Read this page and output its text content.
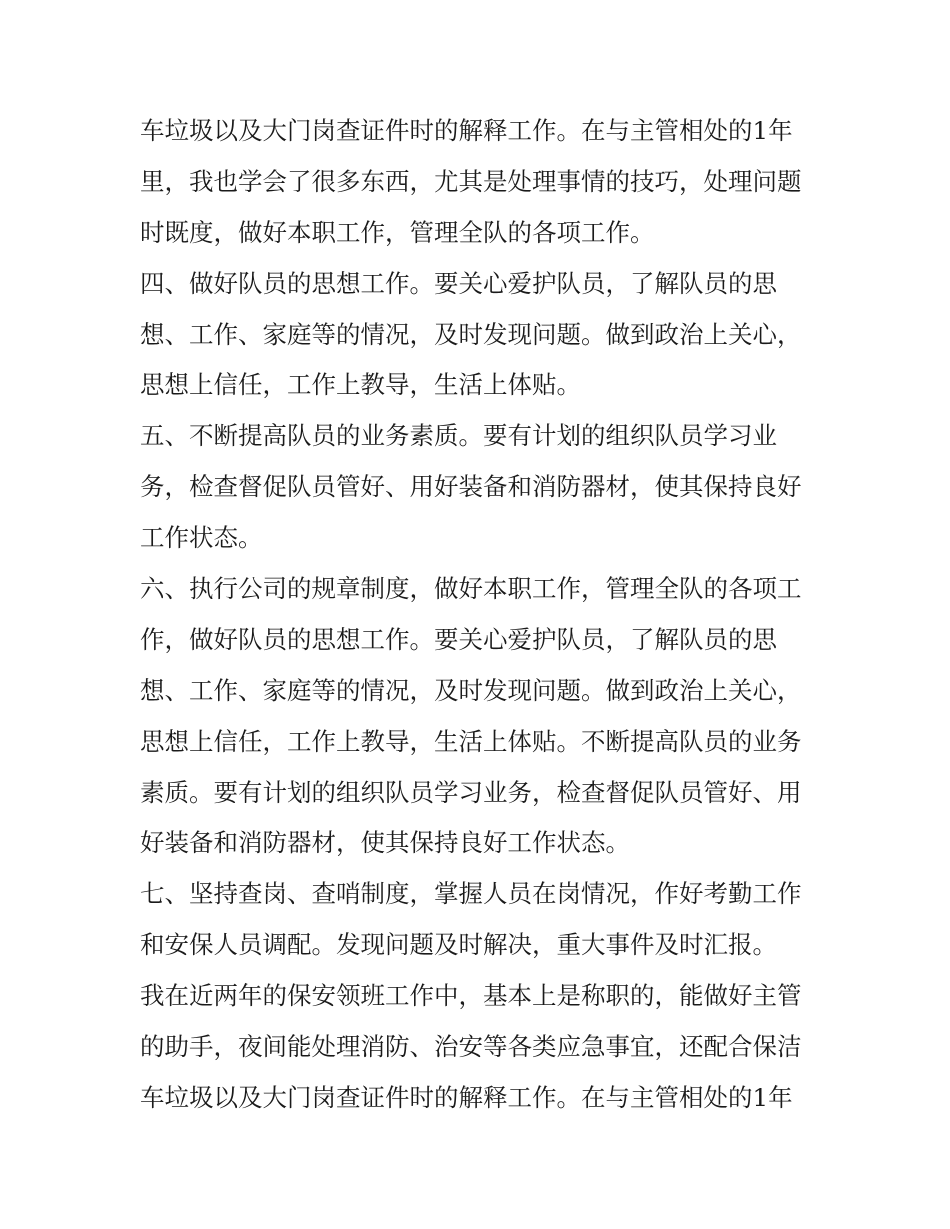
车垃圾以及大门岗查证件时的解释工作。在与主管相处的1年
里，我也学会了很多东西，尤其是处理事情的技巧，处理问题
时既度，做好本职工作，管理全队的各项工作。
四、做好队员的思想工作。要关心爱护队员，了解队员的思
想、工作、家庭等的情况，及时发现问题。做到政治上关心，
思想上信任，工作上教导，生活上体贴。
五、不断提高队员的业务素质。要有计划的组织队员学习业
务，检查督促队员管好、用好装备和消防器材，使其保持良好
工作状态。
六、执行公司的规章制度，做好本职工作，管理全队的各项工
作，做好队员的思想工作。要关心爱护队员，了解队员的思
想、工作、家庭等的情况，及时发现问题。做到政治上关心，
思想上信任，工作上教导，生活上体贴。不断提高队员的业务
素质。要有计划的组织队员学习业务，检查督促队员管好、用
好装备和消防器材，使其保持良好工作状态。
七、坚持查岗、查哨制度，掌握人员在岗情况，作好考勤工作
和安保人员调配。发现问题及时解决，重大事件及时汇报。
我在近两年的保安领班工作中，基本上是称职的，能做好主管
的助手，夜间能处理消防、治安等各类应急事宜，还配合保洁
车垃圾以及大门岗查证件时的解释工作。在与主管相处的1年
